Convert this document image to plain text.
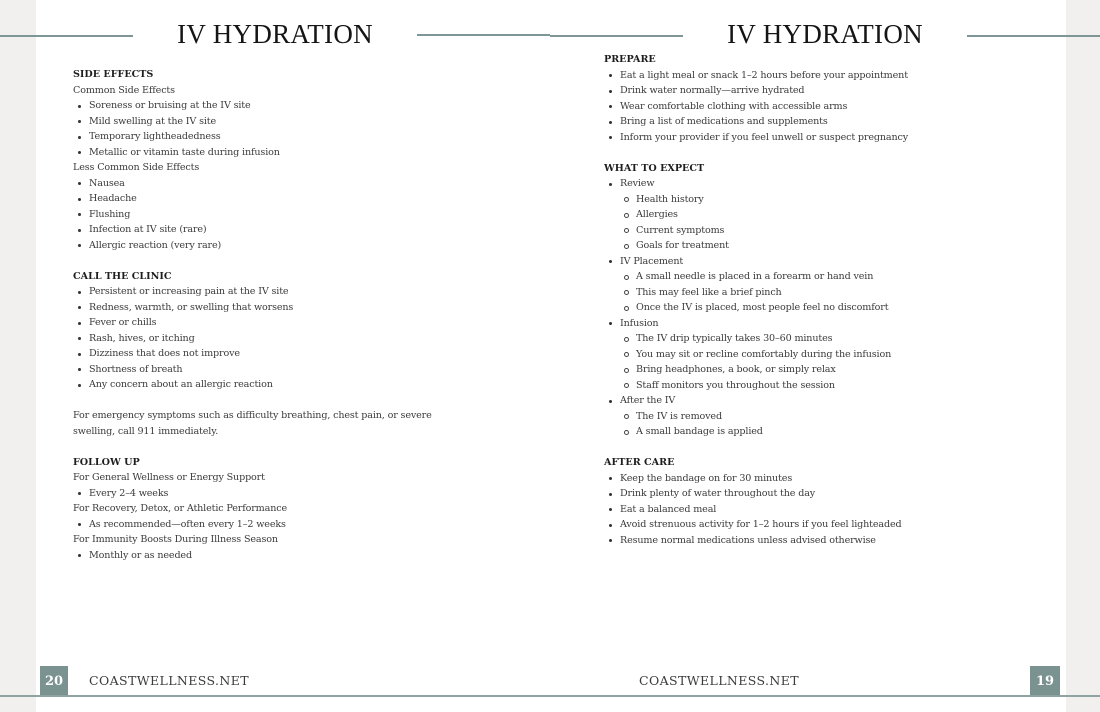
IV HYDRATION
SIDE EFFECTS
Common Side Effects
Soreness or bruising at the IV site
Mild swelling at the IV site
Temporary lightheadedness
Metallic or vitamin taste during infusion
Less Common Side Effects
Nausea
Headache
Flushing
Infection at IV site (rare)
Allergic reaction (very rare)
CALL THE CLINIC
Persistent or increasing pain at the IV site
Redness, warmth, or swelling that worsens
Fever or chills
Rash, hives, or itching
Dizziness that does not improve
Shortness of breath
Any concern about an allergic reaction
For emergency symptoms such as difficulty breathing, chest pain, or severe swelling, call 911 immediately.
FOLLOW UP
For General Wellness or Energy Support
Every 2–4 weeks
For Recovery, Detox, or Athletic Performance
As recommended—often every 1–2 weeks
For Immunity Boosts During Illness Season
Monthly or as needed
20	COASTWELLNESS.NET
IV HYDRATION
PREPARE
Eat a light meal or snack 1–2 hours before your appointment
Drink water normally—arrive hydrated
Wear comfortable clothing with accessible arms
Bring a list of medications and supplements
Inform your provider if you feel unwell or suspect pregnancy
WHAT TO EXPECT
Review
Health history
Allergies
Current symptoms
Goals for treatment
IV Placement
A small needle is placed in a forearm or hand vein
This may feel like a brief pinch
Once the IV is placed, most people feel no discomfort
Infusion
The IV drip typically takes 30–60 minutes
You may sit or recline comfortably during the infusion
Bring headphones, a book, or simply relax
Staff monitors you throughout the session
After the IV
The IV is removed
A small bandage is applied
AFTER CARE
Keep the bandage on for 30 minutes
Drink plenty of water throughout the day
Eat a balanced meal
Avoid strenuous activity for 1–2 hours if you feel lighteaded
Resume normal medications unless advised otherwise
COASTWELLNESS.NET	19
